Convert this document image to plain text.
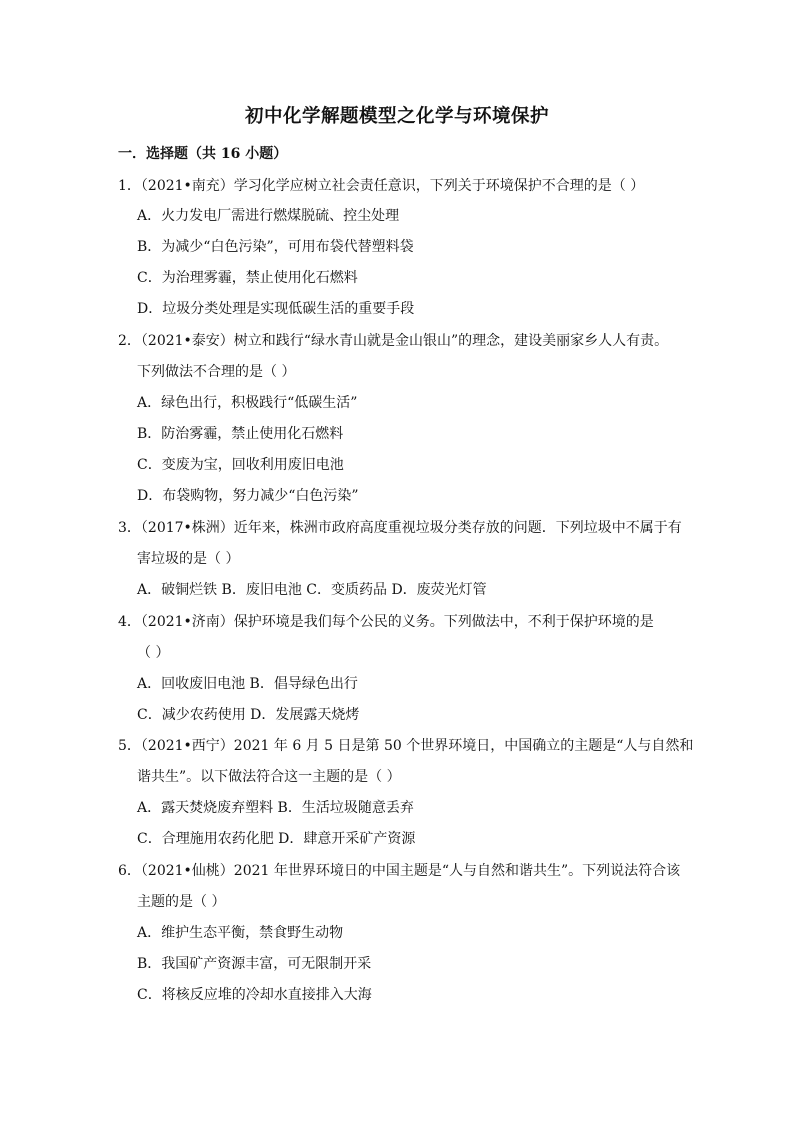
初中化学解题模型之化学与环境保护
一．选择题（共 16 小题）
1．（2021•南充）学习化学应树立社会责任意识，下列关于环境保护不合理的是（ ）
A．火力发电厂需进行燃煤脱硫、控尘处理
B．为减少“白色污染”，可用布袋代替塑料袋
C．为治理雾霾，禁止使用化石燃料
D．垃圾分类处理是实现低碳生活的重要手段
2．（2021•泰安）树立和践行“绿水青山就是金山银山”的理念，建设美丽家乡人人有责。
下列做法不合理的是（ ）
A．绿色出行，积极践行“低碳生活”
B．防治雾霾，禁止使用化石燃料
C．变废为宝，回收利用废旧电池
D．布袋购物，努力减少“白色污染”
3．（2017•株洲）近年来，株洲市政府高度重视垃圾分类存放的问题．下列垃圾中不属于有
害垃圾的是（ ）
A．破铜烂铁 B．废旧电池 C．变质药品 D．废荧光灯管
4．（2021•济南）保护环境是我们每个公民的义务。下列做法中，不利于保护环境的是
（ ）
A．回收废旧电池 B．倡导绿色出行
C．减少农药使用 D．发展露天烧烤
5．（2021•西宁）2021 年 6 月 5 日是第 50 个世界环境日，中国确立的主题是“人与自然和
谐共生”。以下做法符合这一主题的是（ ）
A．露天焚烧废弃塑料 B．生活垃圾随意丢弃
C．合理施用农药化肥 D．肆意开采矿产资源
6．（2021•仙桃）2021 年世界环境日的中国主题是“人与自然和谐共生”。下列说法符合该
主题的是（ ）
A．维护生态平衡，禁食野生动物
B．我国矿产资源丰富，可无限制开采
C．将核反应堆的冷却水直接排入大海
